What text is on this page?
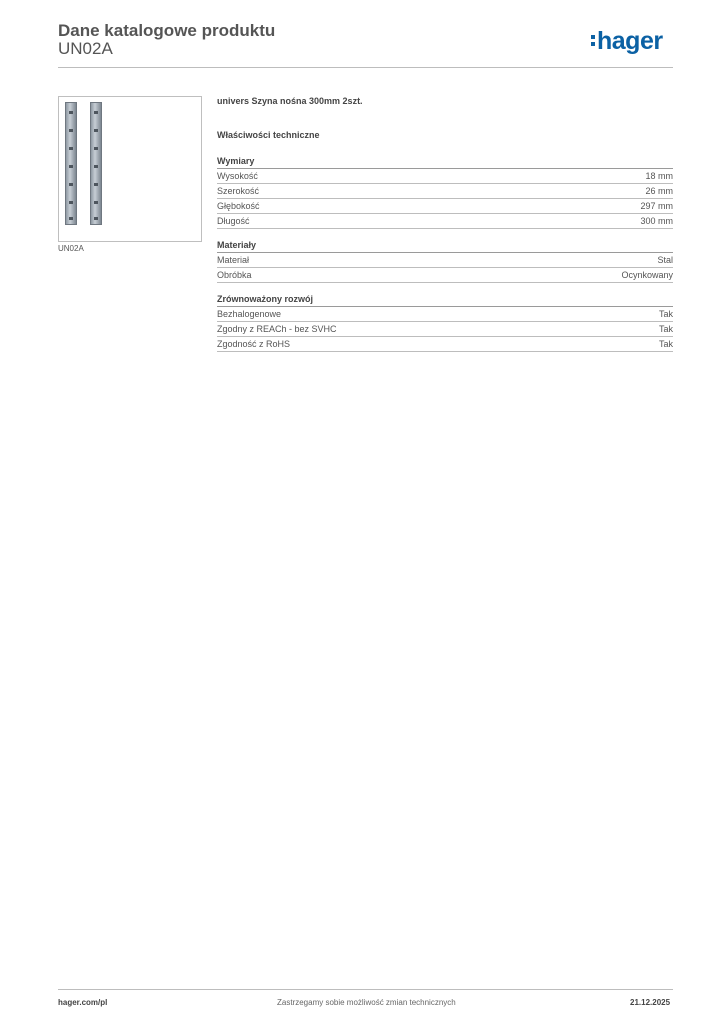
Dane katalogowe produktu
UN02A	hager
UN02A
univers Szyna nośna 300mm 2szt.
Właściwości techniczne
Wymiary
Wysokość	18 mm
Szerokość	26 mm
Głębokość	297 mm
Długość	300 mm
Materiały
Materiał	Stal
Obróbka	Ocynkowany
Zrównoważony rozwój
Bezhalogenowe	Tak
Zgodny z REACh - bez SVHC	Tak
Zgodność z RoHS	Tak
hager.com/pl	Zastrzegamy sobie możliwość zmian technicznych	21.12.2025
